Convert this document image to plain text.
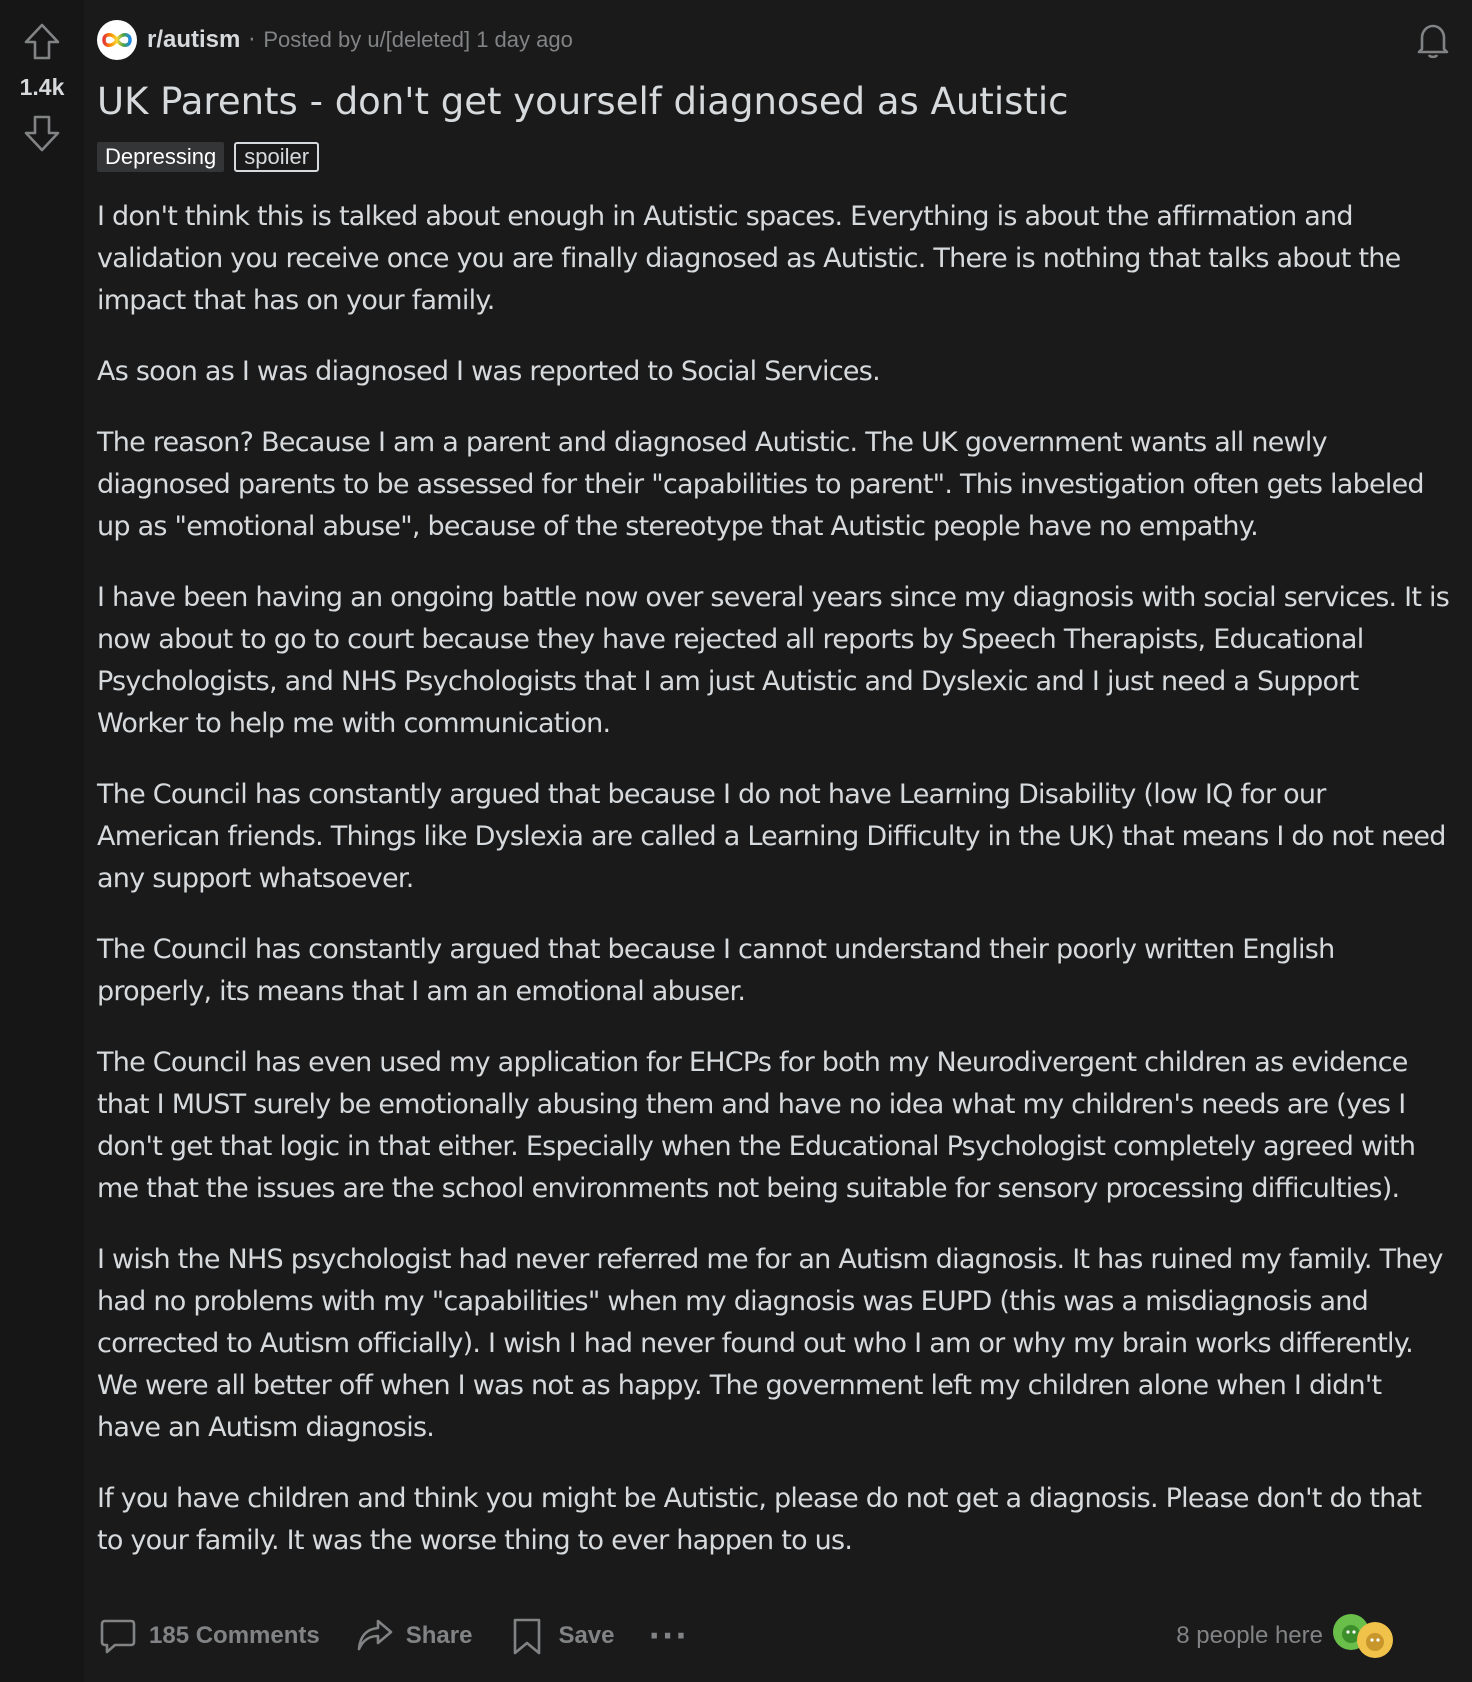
1.4k
r/autism · Posted by u/[deleted] 1 day ago
UK Parents - don't get yourself diagnosed as Autistic
Depressing	spoiler

I don't think this is talked about enough in Autistic spaces. Everything is about the affirmation and validation you receive once you are finally diagnosed as Autistic. There is nothing that talks about the impact that has on your family.

As soon as I was diagnosed I was reported to Social Services.

The reason? Because I am a parent and diagnosed Autistic. The UK government wants all newly diagnosed parents to be assessed for their "capabilities to parent". This investigation often gets labeled up as "emotional abuse", because of the stereotype that Autistic people have no empathy.

I have been having an ongoing battle now over several years since my diagnosis with social services. It is now about to go to court because they have rejected all reports by Speech Therapists, Educational Psychologists, and NHS Psychologists that I am just Autistic and Dyslexic and I just need a Support Worker to help me with communication.

The Council has constantly argued that because I do not have Learning Disability (low IQ for our American friends. Things like Dyslexia are called a Learning Difficulty in the UK) that means I do not need any support whatsoever.

The Council has constantly argued that because I cannot understand their poorly written English properly, its means that I am an emotional abuser.

The Council has even used my application for EHCPs for both my Neurodivergent children as evidence that I MUST surely be emotionally abusing them and have no idea what my children's needs are (yes I don't get that logic in that either. Especially when the Educational Psychologist completely agreed with me that the issues are the school environments not being suitable for sensory processing difficulties).

I wish the NHS psychologist had never referred me for an Autism diagnosis. It has ruined my family. They had no problems with my "capabilities" when my diagnosis was EUPD (this was a misdiagnosis and corrected to Autism officially). I wish I had never found out who I am or why my brain works differently. We were all better off when I was not as happy. The government left my children alone when I didn't have an Autism diagnosis.

If you have children and think you might be Autistic, please do not get a diagnosis. Please don't do that to your family. It was the worse thing to ever happen to us.

185 Comments	Share	Save ···	8 people here
